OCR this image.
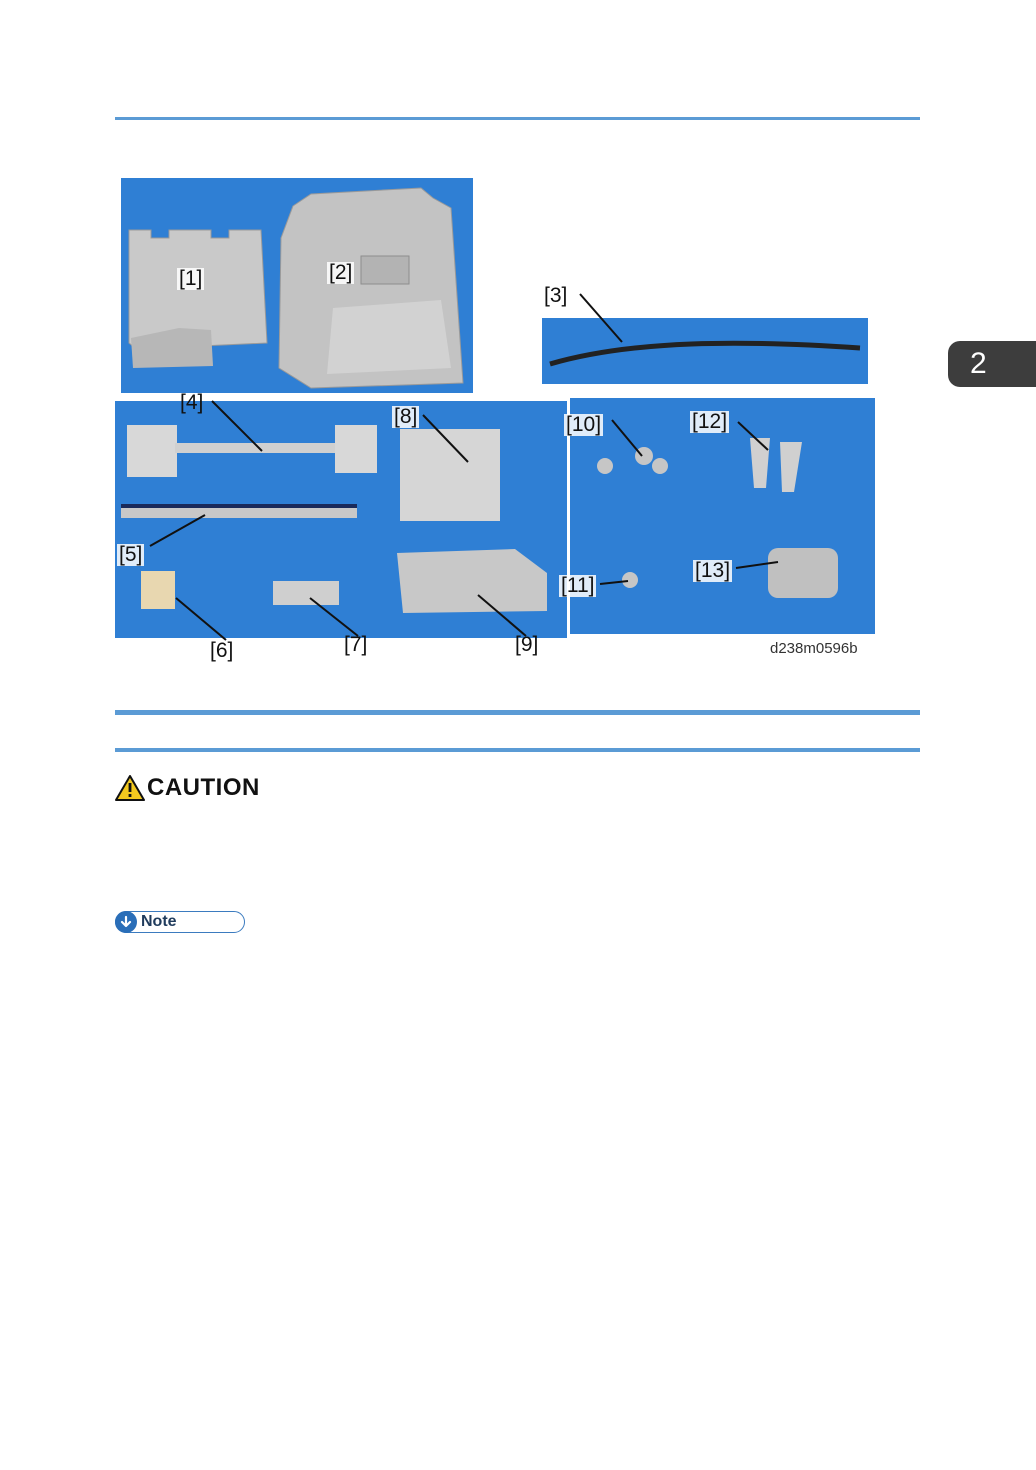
2
[1]	[2]
[3]
[4]
[5]
[6]	[7]
[8]
[9]
[10]	[12]
[11]
[13]
d238m0596b
CAUTION
Note
